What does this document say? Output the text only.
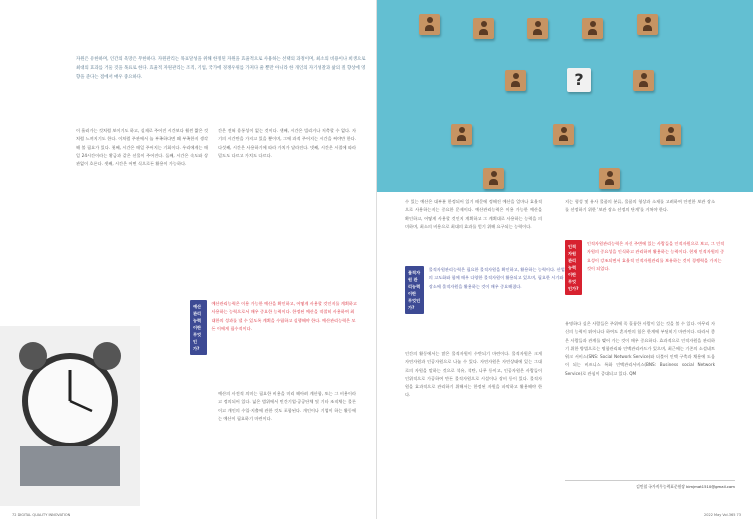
?
자원은 유한하며, 인간의 욕망은 무한하다. 자원관리는 목표달성을 위해 한정된 자원을 효율적으로 사용하는 선택의 과정이며, 최소의 비용이나 희생으로 최대의 효과를 거둘 것을 목표로 한다. 효율적 자원관리는 조직, 기업, 국가에 경쟁우위를 가져다 줄 뿐만 아니라 한 개인의 자기성찰과 삶의 질 향상에 영향을 준다는 점에서 매우 중요하다.

이 흘러가는 것처럼 보이기도 하고, 실제로 주어진 시간보다 훨씬 짧은 것처럼 느껴지기도 한다. 이처럼 주관에서 늘 부족하다면 왜 부족한지 생각해 볼 필요가 있다. 첫째, 시간은 매일 주어지는 기회이다. 우리에게는 매일 24시간이라는 황금과 같은 선물이 주어진다. 둘째, 시간은 속도와 상관없이 흐른다. 셋째, 시간은 어떤 식으로든 활용이 가능하다.

간은 전혀 융통성이 없는 것이다. 셋째, 시간은 빌리거나 저축할 수 없다. 자기의 시간만을 가지고 있을 뿐이며, 그에 과적 주어지는 시간을 써야만 한다. 다섯째, 시간은 사용하기에 따라 가치가 달라진다. 넷째, 시간은 시절에 따라 밀도도 다르고 가치도 다르다.

예산관리 능력이란 무엇인가?
예산관리능력은 이용 가능한 예산을 확인하고, 어떻게 사용할 것인지를 계획하고 사용하는 능력으로서 매우 중요한 능력이다. 한정된 예산을 적절히 사용하여 최대한의 성과를 낼 수 있도록 계획을 수립하고 실행해야 한다. 예산관리능력은 모든 이에게 필수적이다.

예산의 사전적 의미는 필요한 비용을 미리 헤아려 계산함, 또는 그 비용이라고 정의되어 있다. 넓은 범위에서 민간기업·공공단체 및 기타 조직체는 물론이고 개인의 수입·지출에 관한 것도 포함된다. 개인이나 기업이 하는 활동에는 예산이 필요하기 마련이다.

수 있는 예산은 대부분 한정되어 있기 때문에 정해진 예산을 얼마나 효율적으로 사용하는지는 중요한 문제이다. 예산관리능력은 이용 가능한 예산을 확인하고, 어떻게 사용할 것인지 계획하고 그 계획대로 사용하는 능력을 의미하며, 최소의 비용으로 최대의 효과를 얻기 위해 요구되는 능력이다.

물적자원 관리능력이란 무엇인가?
물적자원관리능력은 필요한 물적자원을 확인하고, 활용하는 능력이다. 산업의 고도화와 함께 매우 다양한 물적자원이 활용되고 있으며, 필요한 시기와 장소에 물적자원을 활용하는 것이 매우 중요해졌다.

인간의 활동에서는 많은 물적자원이 수반되기 마련이다. 물적자원은 크게 자연자원과 인공자원으로 나눌 수 있다. 자연자원은 자연상태에 있는 그대로의 자원을 말하는 것으로 석유, 석탄, 나무 등이고, 인공자원은 사람들이 인위적으로 가공하여 만든 물적자원으로 시설이나 장비 등이 있다. 물적자원을 효과적으로 관리하기 위해서는 한정된 자원을 파악하고 활용해야 한다.

지는 형성 및 유사 물품의 분류, 물품의 형상과 소재를 고려하여 안전한 보관 장소를 선정하기 위한 '보관 장소 선정의 단계'를 거쳐야 한다.

인적자원 관리능력이란 무엇인가?
인적자원관리능력은 자신 주변에 있는 사람들을 인적자원으로 보고, 그 인적자원의 중요성을 인식하고 관리하며 활용하는 능력이다. 현재 인적자원의 중요성이 강조되면서 효율적 인적자원관리를 보유하는 것이 경쟁력을 가지는 것이 되었다.

유명하다 싶은 사람들은 주위에 꼭 훌륭한 사람이 있는 것을 볼 수 있다. 아무리 자신의 능력이 뛰어나다 하여도 혼자만의 힘은 한계에 부딪히기 마련이다. 따라서 좋은 사람들과 관계를 맺어 가는 것이 매우 중요하다. 효과적으로 인적자원을 관리하기 위한 방법으로는 명함관리와 인맥관리카드가 있으며, 최근에는 기존의 소셜네트워크 서비스(SNS: Social Network Service)와 더불어 인맥 구축과 채용에 도움이 되는 비즈니스 특화 인맥관리서비스(BNS: Business social Network Service)로 관심이 증대되고 있다. QM

김민철 국가직무능력표준원장 kimjmat1510@gmail.com
72 DIGITAL QUALITY INNOVATION	2022 May Vol.365 73
